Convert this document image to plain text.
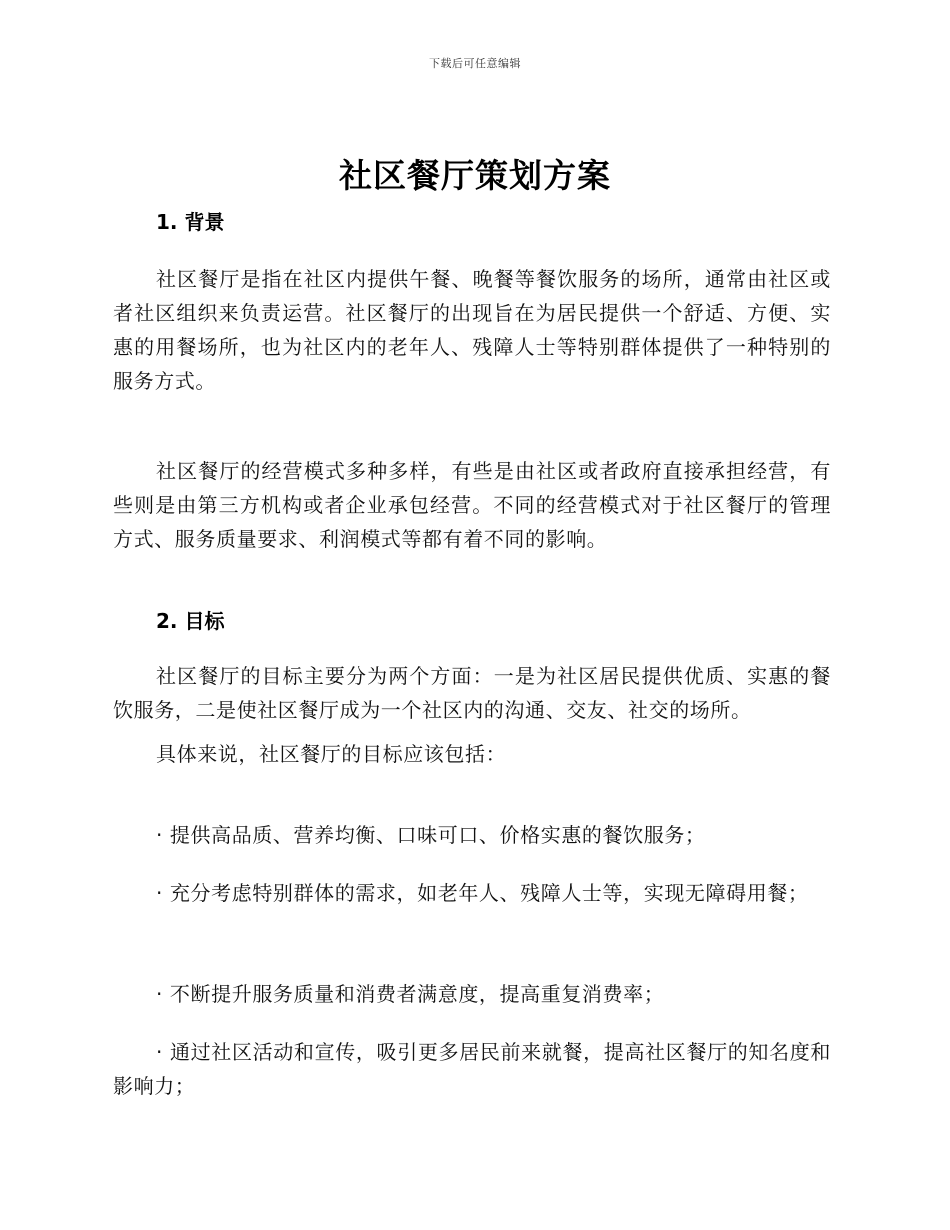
下载后可任意编辑
社区餐厅策划方案
1. 背景
社区餐厅是指在社区内提供午餐、晚餐等餐饮服务的场所，通常由社区或者社区组织来负责运营。社区餐厅的出现旨在为居民提供一个舒适、方便、实惠的用餐场所，也为社区内的老年人、残障人士等特别群体提供了一种特别的服务方式。
社区餐厅的经营模式多种多样，有些是由社区或者政府直接承担经营，有些则是由第三方机构或者企业承包经营。不同的经营模式对于社区餐厅的管理方式、服务质量要求、利润模式等都有着不同的影响。
2. 目标
社区餐厅的目标主要分为两个方面：一是为社区居民提供优质、实惠的餐饮服务，二是使社区餐厅成为一个社区内的沟通、交友、社交的场所。
具体来说，社区餐厅的目标应该包括：
· 提供高品质、营养均衡、口味可口、价格实惠的餐饮服务；
· 充分考虑特别群体的需求，如老年人、残障人士等，实现无障碍用餐；
· 不断提升服务质量和消费者满意度，提高重复消费率；
· 通过社区活动和宣传，吸引更多居民前来就餐，提高社区餐厅的知名度和影响力；
